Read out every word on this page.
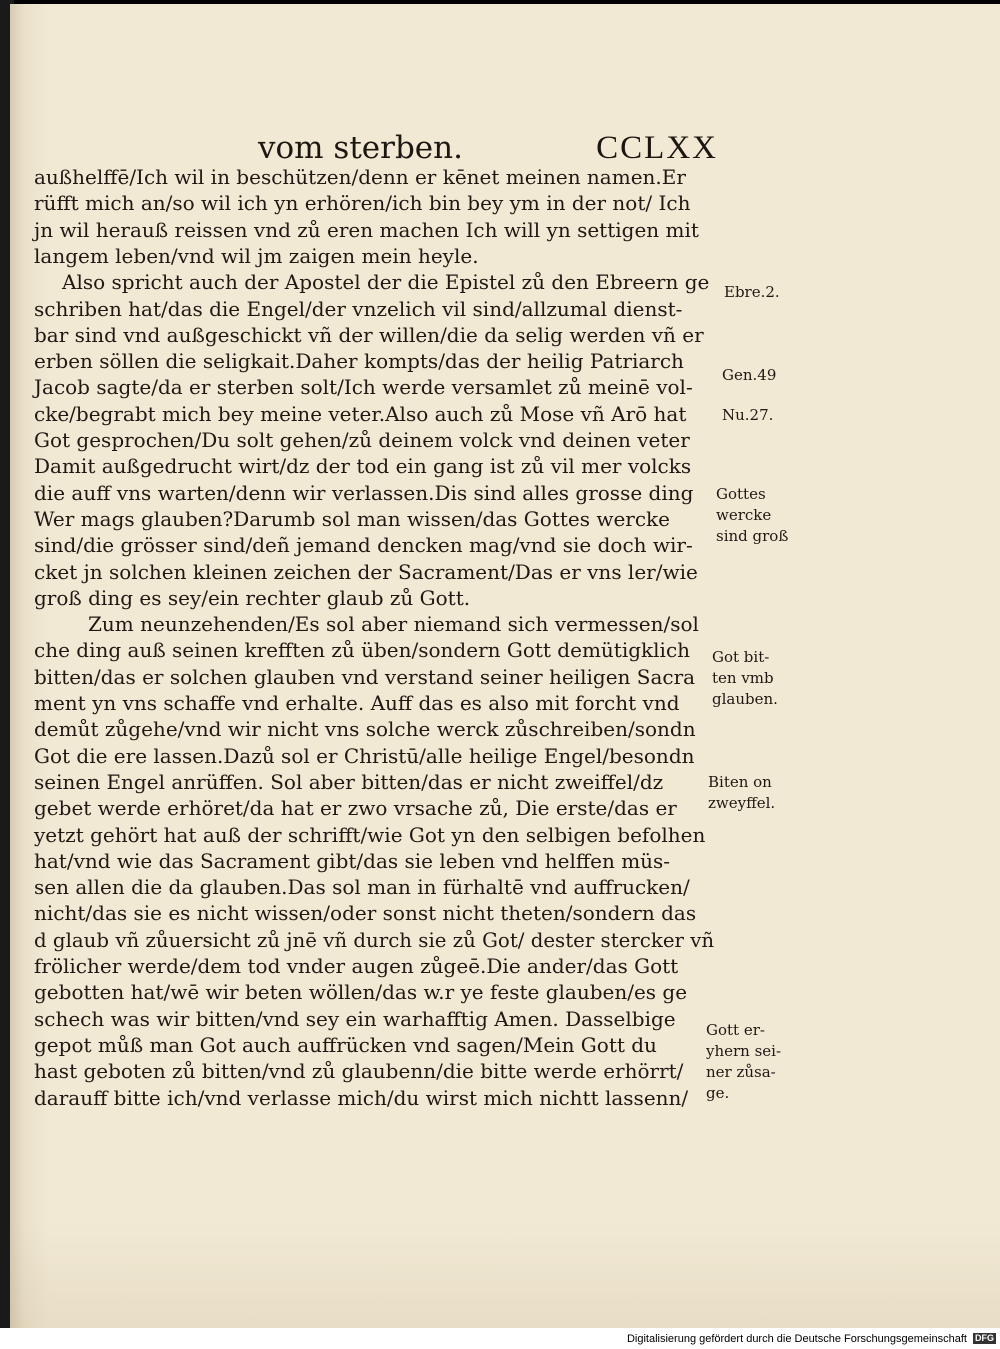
vom sterben.	CCLXX
außhelffē/Ich wil in beschützen/denn er kēnet meinen namen.Er
rüfft mich an/so wil ich yn erhören/ich bin bey ym in der not/ Ich
jn wil herauß reissen vnd zů eren machen Ich will yn settigen mit
langem leben/vnd wil jm zaigen mein heyle.
Also spricht auch der Apostel der die Epistel zů den Ebreern ge
schriben hat/das die Engel/der vnzelich vil sind/allzumal dienst-
bar sind vnd außgeschickt vñ der willen/die da selig werden vñ er
erben söllen die seligkait.Daher kompts/das der heilig Patriarch
Jacob sagte/da er sterben solt/Ich werde versamlet zů meinē vol-
cke/begrabt mich bey meine veter.Also auch zů Mose vñ Arō hat
Got gesprochen/Du solt gehen/zů deinem volck vnd deinen veter
Damit außgedrucht wirt/dz der tod ein gang ist zů vil mer volcks
die auff vns warten/denn wir verlassen.Dis sind alles grosse ding
Wer mags glauben?Darumb sol man wissen/das Gottes wercke
sind/die grösser sind/deñ jemand dencken mag/vnd sie doch wir-
cket jn solchen kleinen zeichen der Sacrament/Das er vns ler/wie
groß ding es sey/ein rechter glaub zů Gott.
Zum neunzehenden/Es sol aber niemand sich vermessen/sol
che ding auß seinen krefften zů üben/sondern Gott demütigklich
bitten/das er solchen glauben vnd verstand seiner heiligen Sacra
ment yn vns schaffe vnd erhalte. Auff das es also mit forcht vnd
demůt zůgehe/vnd wir nicht vns solche werck zůschreiben/sondn
Got die ere lassen.Dazů sol er Christū/alle heilige Engel/besondn
seinen Engel anrüffen. Sol aber bitten/das er nicht zweiffel/dz
gebet werde erhöret/da hat er zwo vrsache zů, Die erste/das er
yetzt gehört hat auß der schrifft/wie Got yn den selbigen befolhen
hat/vnd wie das Sacrament gibt/das sie leben vnd helffen müs-
sen allen die da glauben.Das sol man in fürhaltē vnd auffrucken/
nicht/das sie es nicht wissen/oder sonst nicht theten/sondern das
d glaub vñ zůuersicht zů jnē vñ durch sie zů Got/ dester stercker vñ
frölicher werde/dem tod vnder augen zůgeē.Die ander/das Gott
gebotten hat/wē wir beten wöllen/das w.r ye feste glauben/es ge
schech was wir bitten/vnd sey ein warhafftig Amen. Dasselbige
gepot můß man Got auch auffrücken vnd sagen/Mein Gott du
hast geboten zů bitten/vnd zů glaubenn/die bitte werde erhörrt/
darauff bitte ich/vnd verlasse mich/du wirst mich nichtt lassenn/
Ebre.2.
Gen.49
Nu.27.
Gottes
wercke
sind groß
Got bit-
ten vmb
glauben.
Biten on
zweyffel.
Gott er-
yhern sei-
ner zůsa-
ge.
Digitalisierung gefördert durch die Deutsche Forschungsgemeinschaft DFG
